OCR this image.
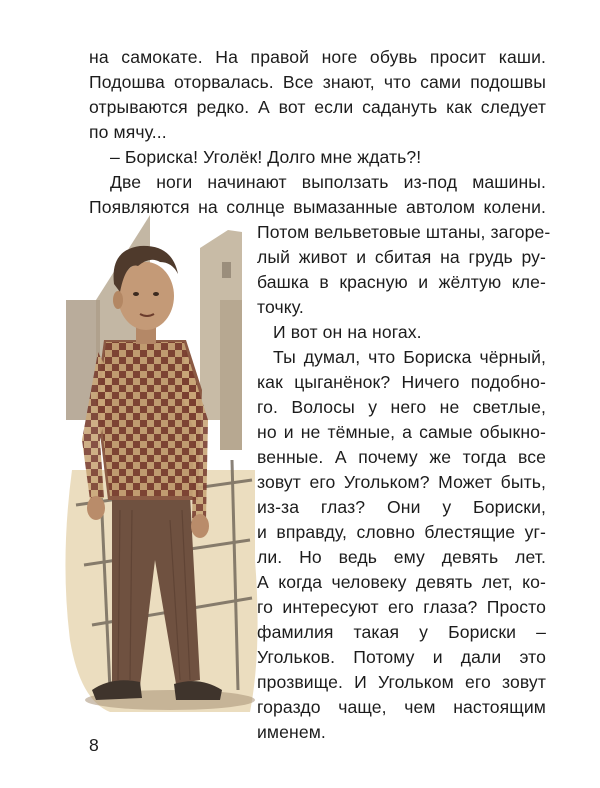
на самокате. На правой ноге обувь просит каши.
Подошва оторвалась. Все знают, что сами подошвы
отрываются редко. А вот если садануть как следует
по мячу...
– Бориска! Уголёк! Долго мне ждать?!
Две ноги начинают выползать из-под машины.
Появляются на солнце вымазанные автолом колени.
Потом вельветовые штаны, загоре-
лый живот и сбитая на грудь ру-
башка в красную и жёлтую кле-
точку.
И вот он на ногах.
Ты думал, что Бориска чёрный,
как цыганёнок? Ничего подобно-
го. Волосы у него не светлые,
но и не тёмные, а самые обыкно-
венные. А почему же тогда все
зовут его Угольком? Может быть,
из-за глаз? Они у Бориски,
и вправду, словно блестящие уг-
ли. Но ведь ему девять лет.
А когда человеку девять лет, ко-
го интересуют его глаза? Просто
фамилия такая у Бориски –
Угольков. Потому и дали это
прозвище. И Угольком его зовут
гораздо чаще, чем настоящим
именем.
8
